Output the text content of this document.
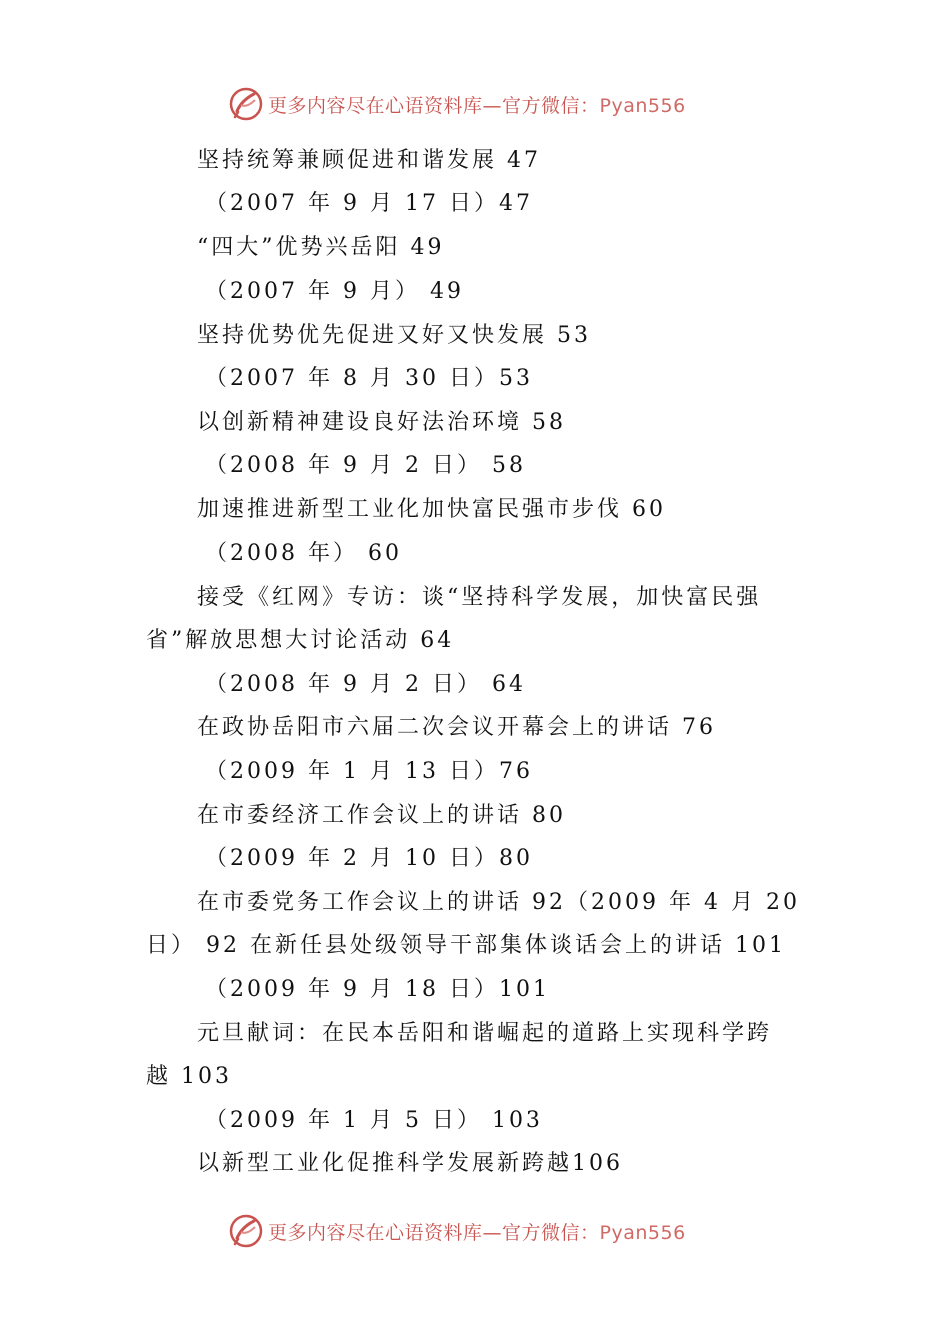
更多内容尽在心语资料库—官方微信：Pyan556
坚持统筹兼顾促进和谐发展 47
（2007 年 9 月 17 日）47
“四大”优势兴岳阳 49
（2007 年 9 月） 49
坚持优势优先促进又好又快发展 53
（2007 年 8 月 30 日）53
以创新精神建设良好法治环境 58
（2008 年 9 月 2 日） 58
加速推进新型工业化加快富民强市步伐 60
（2008 年） 60
接受《红网》专访：谈“坚持科学发展，加快富民强
省”解放思想大讨论活动 64
（2008 年 9 月 2 日） 64
在政协岳阳市六届二次会议开幕会上的讲话 76
（2009 年 1 月 13 日）76
在市委经济工作会议上的讲话 80
（2009 年 2 月 10 日）80
在市委党务工作会议上的讲话 92（2009 年 4 月 20
日） 92 在新任县处级领导干部集体谈话会上的讲话 101
（2009 年 9 月 18 日）101
元旦献词：在民本岳阳和谐崛起的道路上实现科学跨
越 103
（2009 年 1 月 5 日） 103
以新型工业化促推科学发展新跨越106
更多内容尽在心语资料库—官方微信：Pyan556
